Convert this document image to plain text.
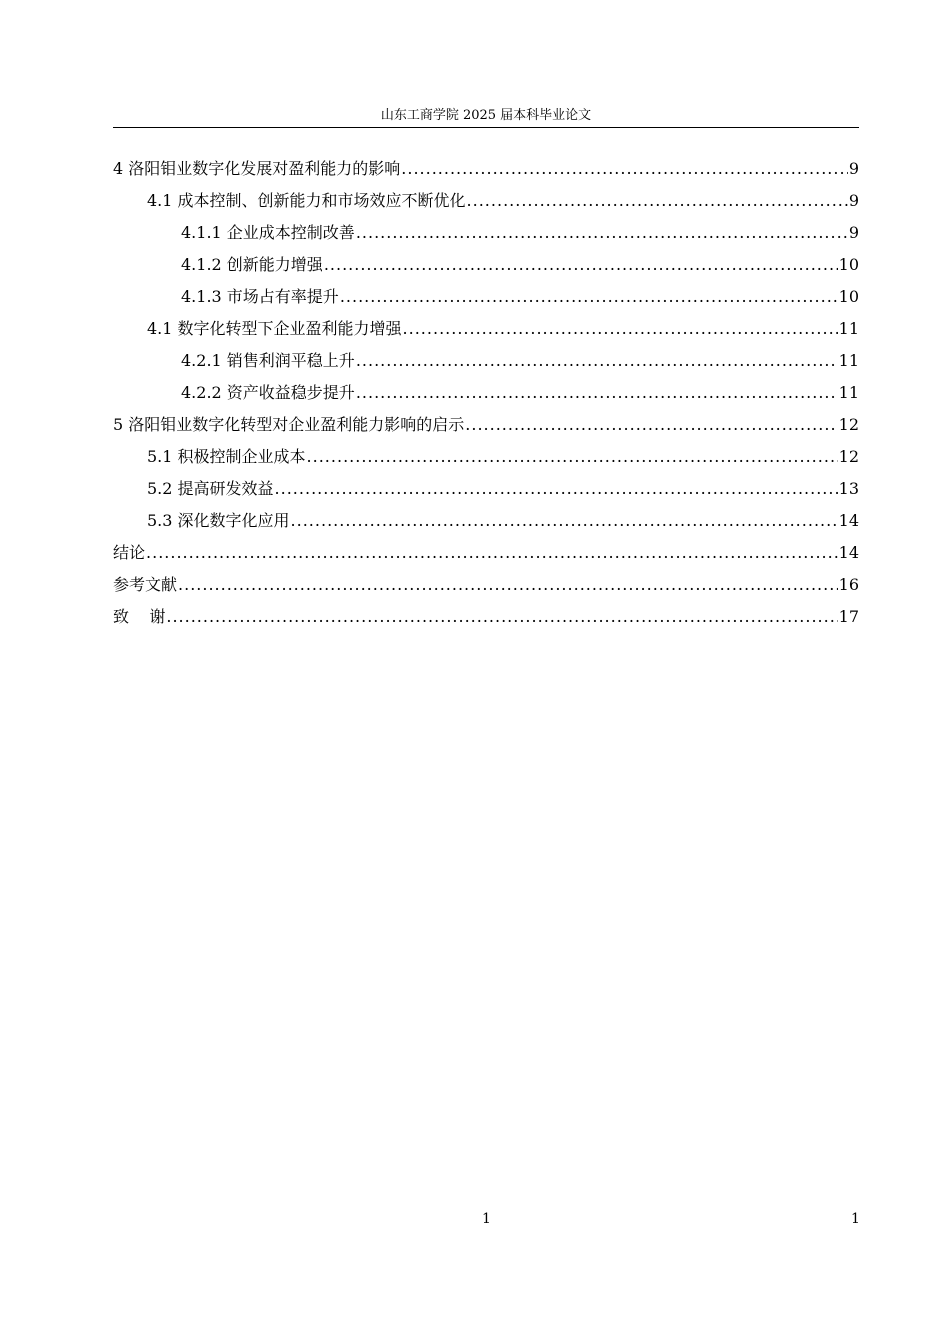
山东工商学院 2025 届本科毕业论文
4 洛阳钼业数字化发展对盈利能力的影响 .....	9
4.1 成本控制、创新能力和市场效应不断优化 .....	9
4.1.1 企业成本控制改善 .....	9
4.1.2 创新能力增强 .....	10
4.1.3 市场占有率提升 .....	10
4.1 数字化转型下企业盈利能力增强 .....	11
4.2.1 销售利润平稳上升 .....	11
4.2.2 资产收益稳步提升 .....	11
5 洛阳钼业数字化转型对企业盈利能力影响的启示 .....	12
5.1 积极控制企业成本 .....	12
5.2 提高研发效益 .....	13
5.3 深化数字化应用 .....	14
结论 .....	14
参考文献 .....	16
致    谢 .....	17
1	1
